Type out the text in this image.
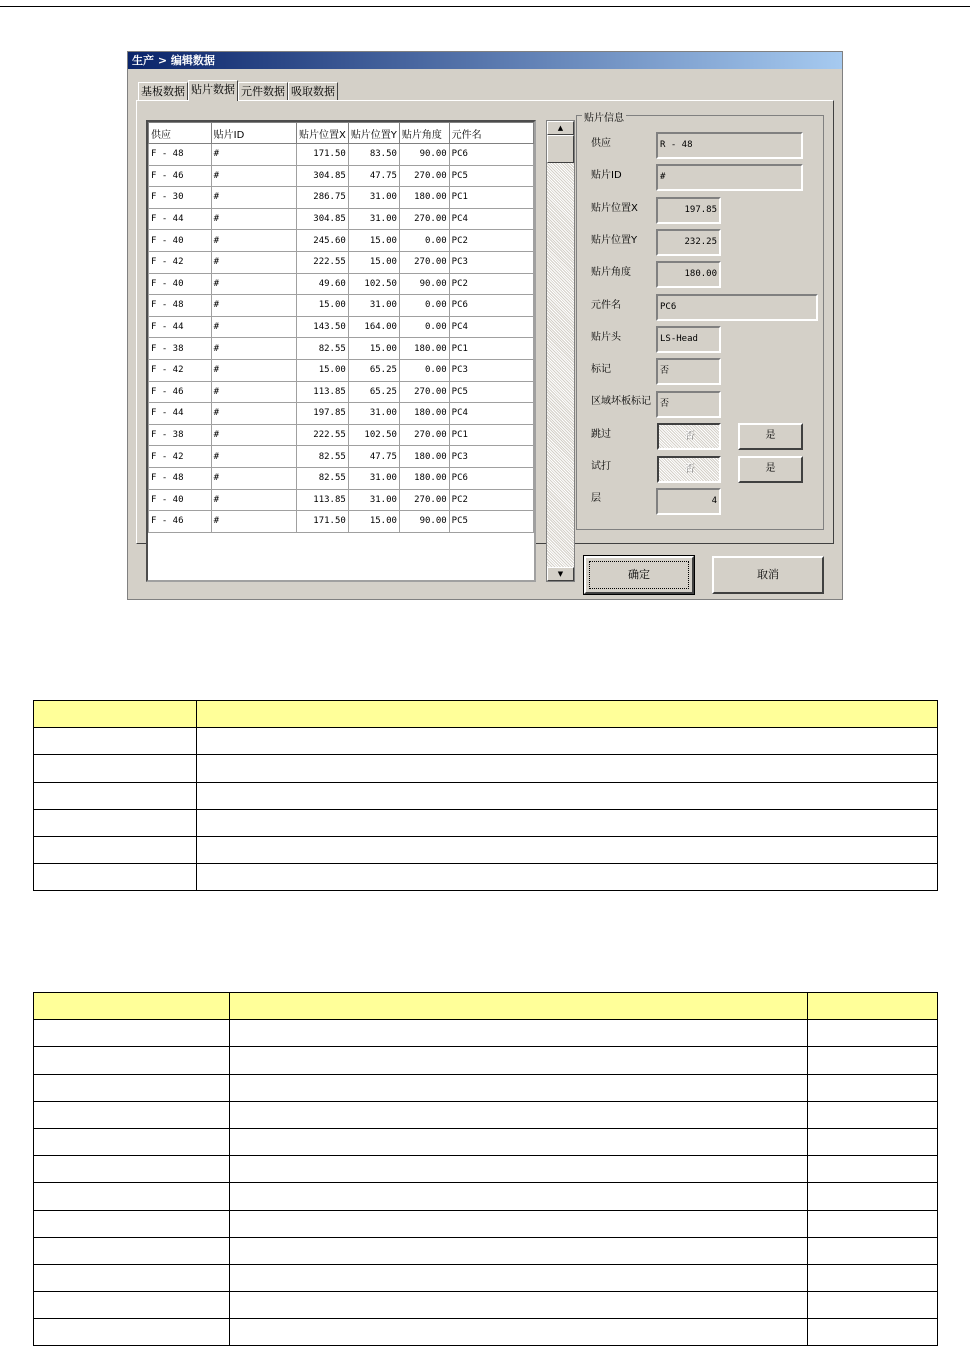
生产 > 编辑数据
基板数据 贴片数据 元件数据 吸取数据
供应	贴片ID	贴片位置X	贴片位置Y	贴片角度	元件名
F - 48	#	171.50	83.50	90.00	PC6
F - 46	#	304.85	47.75	270.00	PC5
F - 30	#	286.75	31.00	180.00	PC1
F - 44	#	304.85	31.00	270.00	PC4
F - 40	#	245.60	15.00	0.00	PC2
F - 42	#	222.55	15.00	270.00	PC3
F - 40	#	49.60	102.50	90.00	PC2
F - 48	#	15.00	31.00	0.00	PC6
F - 44	#	143.50	164.00	0.00	PC4
F - 38	#	82.55	15.00	180.00	PC1
F - 42	#	15.00	65.25	0.00	PC3
F - 46	#	113.85	65.25	270.00	PC5
F - 44	#	197.85	31.00	180.00	PC4
F - 38	#	222.55	102.50	270.00	PC1
F - 42	#	82.55	47.75	180.00	PC3
F - 48	#	82.55	31.00	180.00	PC6
F - 40	#	113.85	31.00	270.00	PC2
F - 46	#	171.50	15.00	90.00	PC5
▲
▼
贴片信息
供应	R - 48
贴片ID	#
贴片位置X	197.85
贴片位置Y	232.25
贴片角度	180.00
元件名	PC6
贴片头	LS-Head
标记	否
区域坏板标记	否
跳过	否	是
试打	否	是
层	4
确定	取消
